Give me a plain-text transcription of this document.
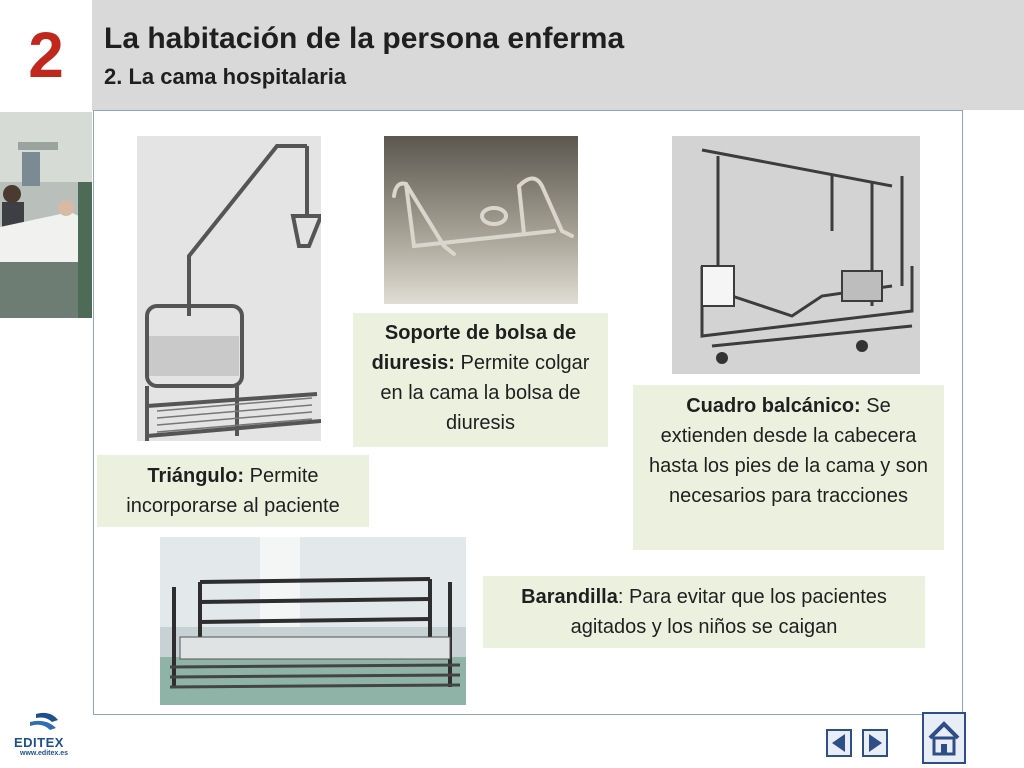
2 La habitación de la persona enferma
2. La cama hospitalaria
Triángulo: Permite incorporarse al paciente
Soporte de bolsa de diuresis: Permite colgar en la cama la bolsa de diuresis
Cuadro balcánico: Se extienden desde la cabecera hasta los pies de la cama y son necesarios para tracciones
Barandilla: Para evitar que los pacientes agitados y los niños se caigan
EDITEX
www.editex.es
